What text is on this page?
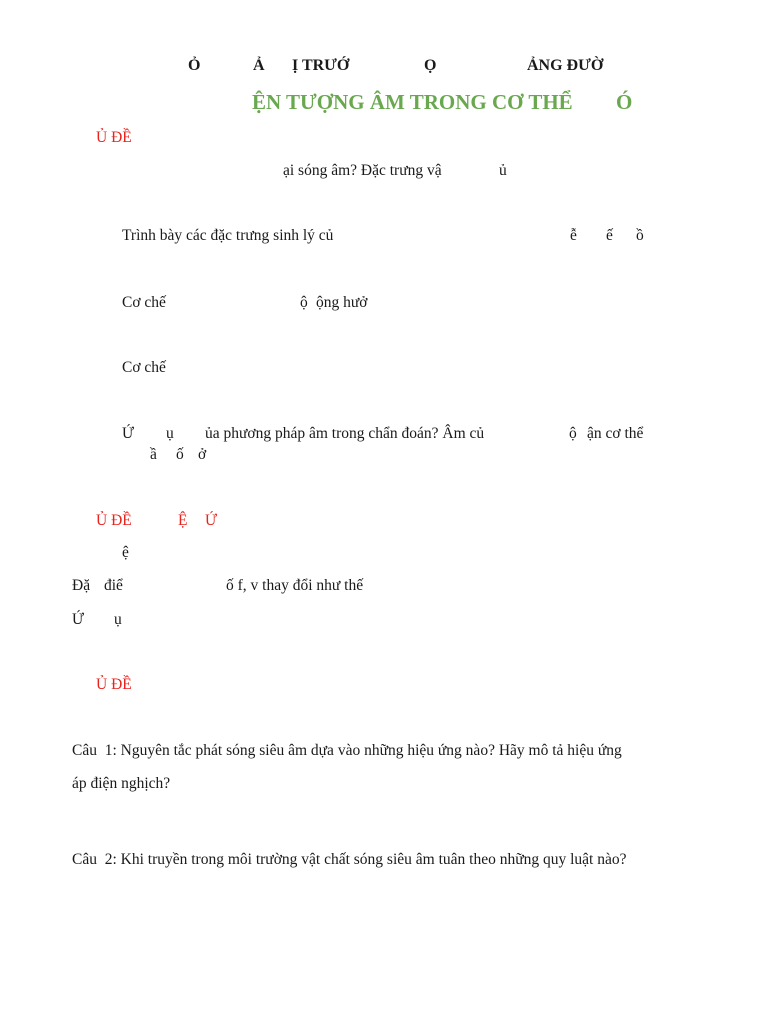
Ỏ	Ả Ị TRƯỚ	Ọ	ẢNG ĐƯỜ
ỆN TƯỢNG ÂM TRONG CƠ THỂ Ó
Ủ ĐỀ
ại sóng âm? Đặc trưng vậ	ủ
Trình bày các đặc trưng sinh lý củ	ễ ế ồ
Cơ chế	ộ ộng hưở
Cơ chế
Ứ ụ ủa phương pháp âm trong chẩn đoán? Âm củ	ộ ận cơ thể
ầ ố ở
Ủ ĐỀ	Ệ Ứ
ệ
Đặ điể	ố f, v thay đổi như thế
Ứ ụ
Ủ ĐỀ
Câu  1: Nguyên tắc phát sóng siêu âm dựa vào những hiệu ứng nào? Hãy mô tả hiệu ứng
áp điện nghịch?
Câu  2: Khi truyền trong môi trường vật chất sóng siêu âm tuân theo những quy luật nào?
